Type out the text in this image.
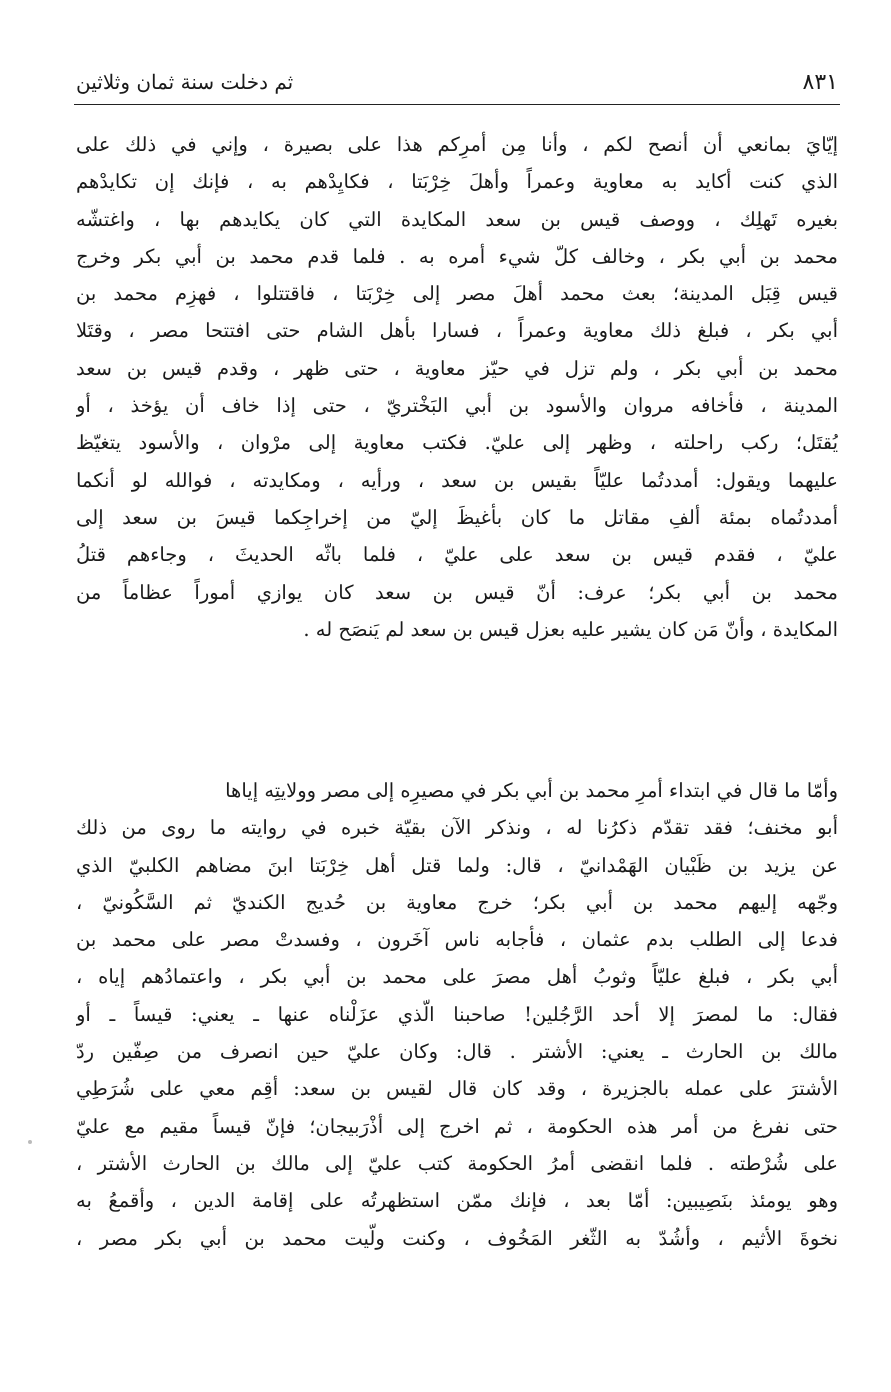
ثم دخلت سنة ثمان وثلاثين	٨٣١
إيّايَ بمانعي أن أنصح لكم ، وأنا مِن أمرِكم هذا على بصيرة ، وإني في ذلك على
الذي كنت أكايد به معاوية وعمراً وأهلَ خِرْبَتا ، فكايِدْهم به ، فإنك إن تكايدْهم
بغيره تَهلِك ، ووصف قيس بن سعد المكايدة التي كان يكايدهم بها ، واغتشّه
محمد بن أبي بكر ، وخالف كلّ شيء أمره به . فلما قدم محمد بن أبي بكر وخرج
قيس قِبَل المدينة؛ بعث محمد أهلَ مصر إلى خِرْبَتا ، فاقتتلوا ، فهزِم محمد بن
أبي بكر ، فبلغ ذلك معاوية وعمراً ، فسارا بأهل الشام حتى افتتحا مصر ، وقتَلا
محمد بن أبي بكر ، ولم تزل في حيّز معاوية ، حتى ظهر ، وقدم قيس بن سعد
المدينة ، فأخافه مروان والأسود بن أبي البَخْتريّ ، حتى إذا خاف أن يؤخذ ، أو
يُقتَل؛ ركب راحلته ، وظهر إلى عليّ. فكتب معاوية إلى مرْوان ، والأسود يتغيّظ
عليهما ويقول: أمددتُما عليّاً بقيس بن سعد ، ورأيه ، ومكايدته ، فوالله لو أنكما
أمددتُماه بمئة ألفِ مقاتل ما كان بأغيظَ إليّ من إخراجِكما قيسَ بن سعد إلى
عليّ ، فقدم قيس بن سعد على عليّ ، فلما باثّه الحديثَ ، وجاءهم قتلُ
محمد بن أبي بكر؛ عرف: أنّ قيس بن سعد كان يوازي أموراً عظاماً من
المكايدة ، وأنّ مَن كان يشير عليه بعزل قيس بن سعد لم يَنصَح له .
وأمّا ما قال في ابتداء أمرِ محمد بن أبي بكر في مصيرِه إلى مصر وولايتِه إياها
أبو مخنف؛ فقد تقدّم ذكرُنا له ، ونذكر الآن بقيّة خبره في روايته ما روى من ذلك
عن يزيد بن ظَبْيان الهَمْدانيّ ، قال: ولما قتل أهل خِرْبَتا ابنَ مضاهم الكلبيّ الذي
وجّهه إليهم محمد بن أبي بكر؛ خرج معاوية بن حُديج الكنديّ ثم السَّكُونيّ ،
فدعا إلى الطلب بدم عثمان ، فأجابه ناس آخَرون ، وفسدتْ مصر على محمد بن
أبي بكر ، فبلغ عليّاً وثوبُ أهل مصرَ على محمد بن أبي بكر ، واعتمادُهم إياه ،
فقال: ما لمصرَ إلا أحد الرَّجُلين! صاحبنا الّذي عزَلْناه عنها ـ يعني: قيساً ـ أو
مالك بن الحارث ـ يعني: الأشتر . قال: وكان عليّ حين انصرف من صِفّين ردّ
الأشترَ على عمله بالجزيرة ، وقد كان قال لقيس بن سعد: أقِم معي على شُرَطِي
حتى نفرغ من أمر هذه الحكومة ، ثم اخرج إلى أذْرَبيجان؛ فإنّ قيساً مقيم مع عليّ
على شُرْطته . فلما انقضى أمرُ الحكومة كتب عليّ إلى مالك بن الحارث الأشتر ،
وهو يومئذ بنَصِيبين: أمّا بعد ، فإنك ممّن استظهرتُه على إقامة الدين ، وأقمعُ به
نخوةَ الأثيم ، وأشُدّ به الثّغر المَخُوف ، وكنت ولّيت محمد بن أبي بكر مصر ،
